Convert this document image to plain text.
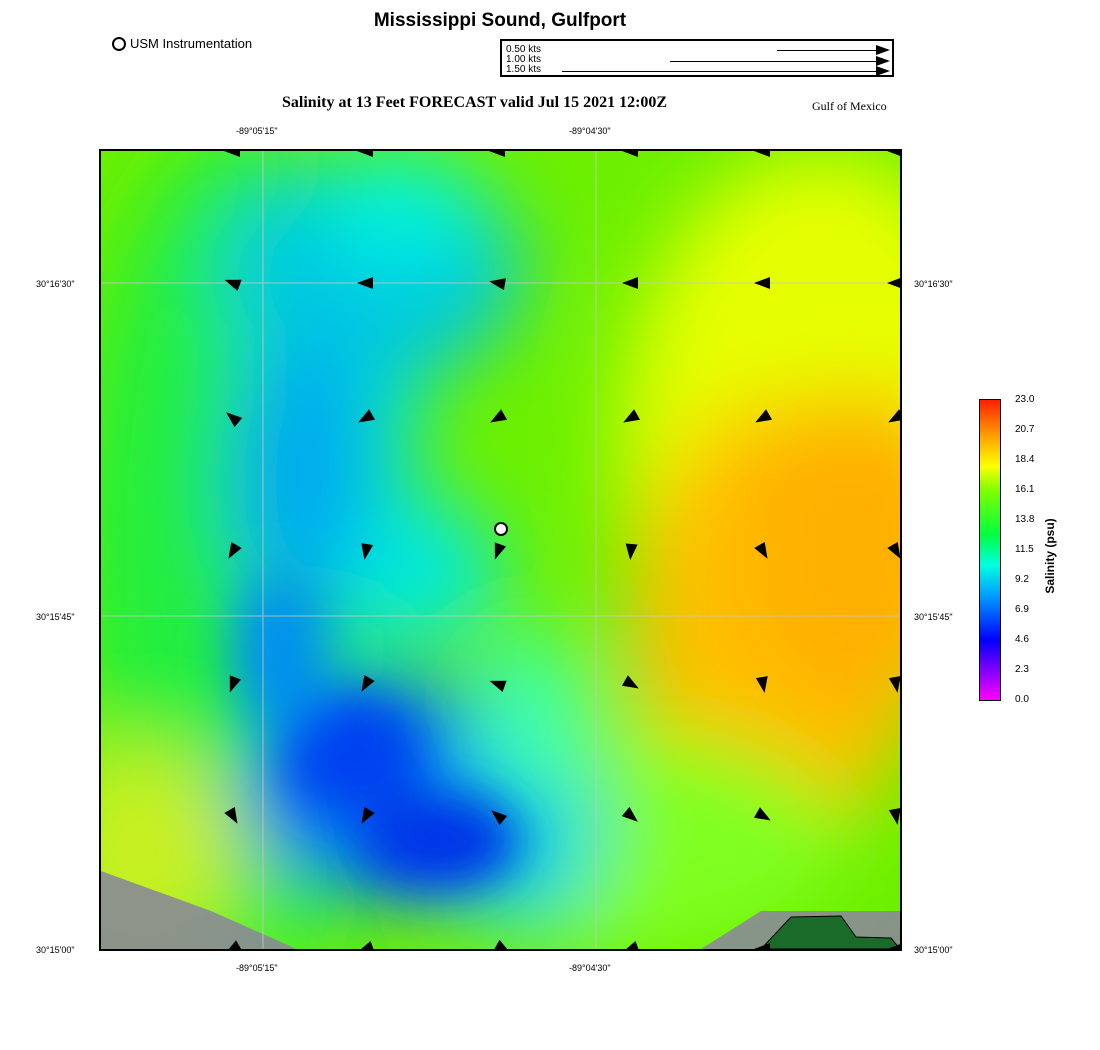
Mississippi Sound, Gulfport
USM Instrumentation	0.50 kts
1.00 kts
1.50 kts
Salinity at 13 Feet FORECAST valid Jul 15 2021 12:00Z	Gulf of Mexico
-89°05'15"	-89°04'30"
-89°05'15"	-89°04'30"
30°16'30"
30°15'45"
30°15'00"
30°16'30"
30°15'45"
30°15'00"
23.0
20.7
18.4
16.1
13.8
11.5
9.2
6.9
4.6
2.3
0.0
Salinity (psu)
